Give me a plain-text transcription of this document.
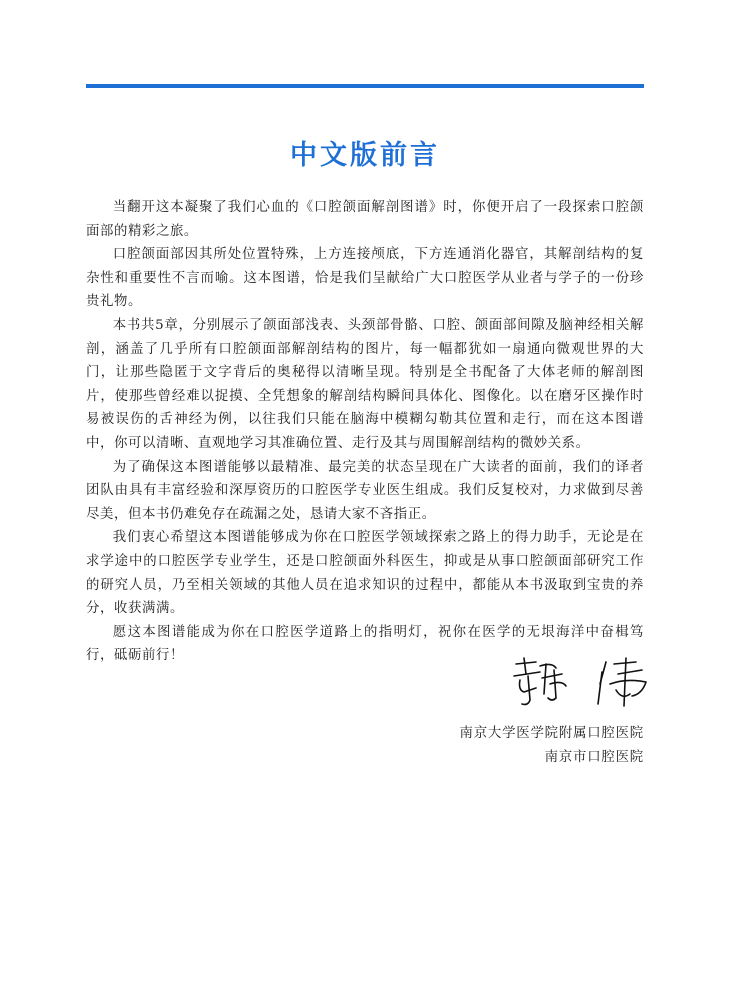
中文版前言

当翻开这本凝聚了我们心血的《口腔颌面解剖图谱》时，你便开启了一段探索口腔颌面部的精彩之旅。

口腔颌面部因其所处位置特殊，上方连接颅底，下方连通消化器官，其解剖结构的复杂性和重要性不言而喻。这本图谱，恰是我们呈献给广大口腔医学从业者与学子的一份珍贵礼物。

本书共5章，分别展示了颌面部浅表、头颈部骨骼、口腔、颌面部间隙及脑神经相关解剖，涵盖了几乎所有口腔颌面部解剖结构的图片，每一幅都犹如一扇通向微观世界的大门，让那些隐匿于文字背后的奥秘得以清晰呈现。特别是全书配备了大体老师的解剖图片，使那些曾经难以捉摸、全凭想象的解剖结构瞬间具体化、图像化。以在磨牙区操作时易被误伤的舌神经为例，以往我们只能在脑海中模糊勾勒其位置和走行，而在这本图谱中，你可以清晰、直观地学习其准确位置、走行及其与周围解剖结构的微妙关系。

为了确保这本图谱能够以最精准、最完美的状态呈现在广大读者的面前，我们的译者团队由具有丰富经验和深厚资历的口腔医学专业医生组成。我们反复校对，力求做到尽善尽美，但本书仍难免存在疏漏之处，恳请大家不吝指正。

我们衷心希望这本图谱能够成为你在口腔医学领域探索之路上的得力助手，无论是在求学途中的口腔医学专业学生，还是口腔颌面外科医生，抑或是从事口腔颌面部研究工作的研究人员，乃至相关领域的其他人员在追求知识的过程中，都能从本书汲取到宝贵的养分，收获满满。

愿这本图谱能成为你在口腔医学道路上的指明灯，祝你在医学的无垠海洋中奋楫笃行，砥砺前行！

南京大学医学院附属口腔医院
南京市口腔医院
